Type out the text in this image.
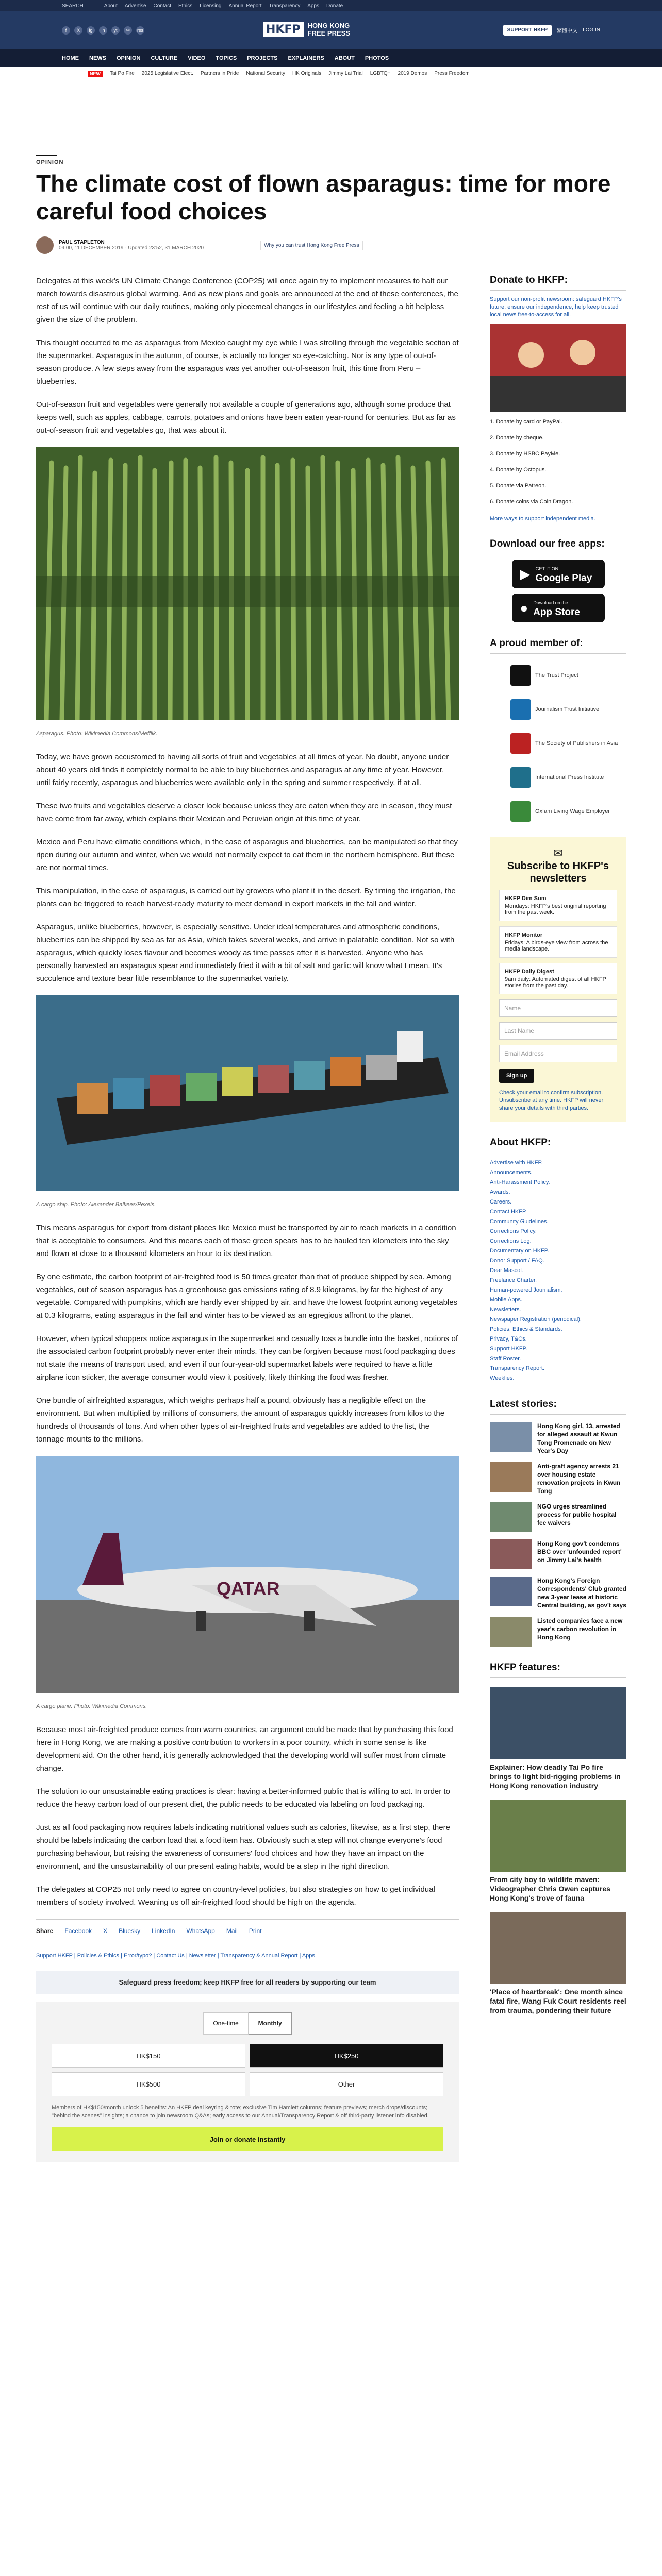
SEARCH	About Advertise Contact Ethics Licensing Annual Report Transparency Apps Donate
f	X	ig	in	yt	✉	rss	HKFP	HONG KONG
FREE PRESS	SUPPORT HKFP	繁體中文 LOG IN
HOME NEWS OPINION CULTURE VIDEO TOPICS PROJECTS EXPLAINERS ABOUT PHOTOS
NEW	Tai Po Fire 2025 Legislative Elect. Partners in Pride National Security HK Originals Jimmy Lai Trial LGBTQ+ 2019 Demos Press Freedom
OPINION
The climate cost of flown asparagus: time for more careful food choices
PAUL STAPLETON
09:00, 11 DECEMBER 2019 · Updated 23:52, 31 MARCH 2020	Why you can trust Hong Kong Free Press

Delegates at this week's UN Climate Change Conference (COP25) will once again try to implement measures to halt our march towards disastrous global warming. And as new plans and goals are announced at the end of these conferences, the rest of us will continue with our daily routines, making only piecemeal changes in our lifestyles and feeling a bit helpless given the size of the problem.

This thought occurred to me as asparagus from Mexico caught my eye while I was strolling through the vegetable section of the supermarket. Asparagus in the autumn, of course, is actually no longer so eye-catching. Nor is any type of out-of-season produce. A few steps away from the asparagus was yet another out-of-season fruit, this time from Peru – blueberries.

Out-of-season fruit and vegetables were generally not available a couple of generations ago, although some produce that keeps well, such as apples, cabbage, carrots, potatoes and onions have been eaten year-round for centuries. But as far as out-of-season fruit and vegetables go, that was about it.

Asparagus. Photo: Wikimedia Commons/Mefflik.

Today, we have grown accustomed to having all sorts of fruit and vegetables at all times of year. No doubt, anyone under about 40 years old finds it completely normal to be able to buy blueberries and asparagus at any time of year. However, until fairly recently, asparagus and blueberries were available only in the spring and summer respectively, if at all.

These two fruits and vegetables deserve a closer look because unless they are eaten when they are in season, they must have come from far away, which explains their Mexican and Peruvian origin at this time of year.

Mexico and Peru have climatic conditions which, in the case of asparagus and blueberries, can be manipulated so that they ripen during our autumn and winter, when we would not normally expect to eat them in the northern hemisphere. But these are not normal times.

This manipulation, in the case of asparagus, is carried out by growers who plant it in the desert. By timing the irrigation, the plants can be triggered to reach harvest-ready maturity to meet demand in export markets in the fall and winter.

Asparagus, unlike blueberries, however, is especially sensitive. Under ideal temperatures and atmospheric conditions, blueberries can be shipped by sea as far as Asia, which takes several weeks, and arrive in palatable condition. Not so with asparagus, which quickly loses flavour and becomes woody as time passes after it is harvested. Anyone who has personally harvested an asparagus spear and immediately fried it with a bit of salt and garlic will know what I mean. It's succulence and texture bear little resemblance to the supermarket variety.

A cargo ship. Photo: Alexander Balkees/Pexels.

This means asparagus for export from distant places like Mexico must be transported by air to reach markets in a condition that is acceptable to consumers. And this means each of those green spears has to be hauled ten kilometers into the sky and flown at close to a thousand kilometers an hour to its destination.

By one estimate, the carbon footprint of air-freighted food is 50 times greater than that of produce shipped by sea. Among vegetables, out of season asparagus has a greenhouse gas emissions rating of 8.9 kilograms, by far the highest of any vegetable. Compared with pumpkins, which are hardly ever shipped by air, and have the lowest footprint among vegetables at 0.3 kilograms, eating asparagus in the fall and winter has to be viewed as an egregious affront to the planet.

However, when typical shoppers notice asparagus in the supermarket and casually toss a bundle into the basket, notions of the associated carbon footprint probably never enter their minds. They can be forgiven because most food packaging does not state the means of transport used, and even if our four-year-old supermarket labels were required to have a little airplane icon sticker, the average consumer would view it positively, likely thinking the food was fresher.

One bundle of airfreighted asparagus, which weighs perhaps half a pound, obviously has a negligible effect on the environment. But when multiplied by millions of consumers, the amount of asparagus quickly increases from kilos to the hundreds of thousands of tons. And when other types of air-freighted fruits and vegetables are added to the list, the tonnage mounts to the millions.

QATAR
A cargo plane. Photo: Wikimedia Commons.

Because most air-freighted produce comes from warm countries, an argument could be made that by purchasing this food here in Hong Kong, we are making a positive contribution to workers in a poor country, which in some sense is like development aid. On the other hand, it is generally acknowledged that the developing world will suffer most from climate change.

The solution to our unsustainable eating practices is clear: having a better-informed public that is willing to act. In order to reduce the heavy carbon load of our present diet, the public needs to be educated via labeling on food packaging.

Just as all food packaging now requires labels indicating nutritional values such as calories, likewise, as a first step, there should be labels indicating the carbon load that a food item has. Obviously such a step will not change everyone's food purchasing behaviour, but raising the awareness of consumers' food choices and how they have an impact on the environment, and the unsustainability of our present eating habits, would be a step in the right direction.

The delegates at COP25 not only need to agree on country-level policies, but also strategies on how to get individual members of society involved. Weaning us off air-freighted food should be high on the agenda.

Share Facebook X Bluesky LinkedIn WhatsApp Mail Print
Support HKFP | Policies & Ethics | Error/typo? | Contact Us | Newsletter | Transparency & Annual Report | Apps
Safeguard press freedom; keep HKFP free for all readers by supporting our team
One-time	Monthly
HK$150	HK$250
HK$500	Other
Members of HK$150/month unlock 5 benefits: An HKFP deal keyring & tote; exclusive Tim Hamlett columns; feature previews; merch drops/discounts; "behind the scenes" insights; a chance to join newsroom Q&As; early access to our Annual/Transparency Report & off third-party listener info disabled.
Join or donate instantly
Donate to HKFP:
Support our non-profit newsroom: safeguard HKFP's future, ensure our independence, help keep trusted local news free-to-access for all.
1. Donate by card or PayPal.
2. Donate by cheque.
3. Donate by HSBC PayMe.
4. Donate by Octopus.
5. Donate via Patreon.
6. Donate coins via Coin Dragon.
More ways to support independent media.
Download our free apps:
▶ GET IT ON
Google Play
● Download on the
App Store
A proud member of:
The Trust Project
Journalism Trust Initiative
The Society of Publishers in Asia
International Press Institute
Oxfam Living Wage Employer
✉
Subscribe to HKFP's newsletters
HKFP Dim Sum
Mondays: HKFP's best original reporting from the past week.
HKFP Monitor
Fridays: A birds-eye view from across the media landscape.
HKFP Daily Digest
9am daily: Automated digest of all HKFP stories from the past day.
Name
Last Name
Email Address
Sign up
Check your email to confirm subscription. Unsubscribe at any time. HKFP will never share your details with third parties.
About HKFP:
Advertise with HKFP.
Announcements.
Anti-Harassment Policy.
Awards.
Careers.
Contact HKFP.
Community Guidelines.
Corrections Policy.
Corrections Log.
Documentary on HKFP.
Donor Support / FAQ.
Dear Mascot.
Freelance Charter.
Human-powered Journalism.
Mobile Apps.
Newsletters.
Newspaper Registration (periodical).
Policies, Ethics & Standards.
Privacy, T&Cs.
Support HKFP.
Staff Roster.
Transparency Report.
Weeklies.
Latest stories:
Hong Kong girl, 13, arrested for alleged assault at Kwun Tong Promenade on New Year's Day
Anti-graft agency arrests 21 over housing estate renovation projects in Kwun Tong
NGO urges streamlined process for public hospital fee waivers
Hong Kong gov't condemns BBC over 'unfounded report' on Jimmy Lai's health
Hong Kong's Foreign Correspondents' Club granted new 3-year lease at historic Central building, as gov't says
Listed companies face a new year's carbon revolution in Hong Kong
HKFP features:
Explainer: How deadly Tai Po fire brings to light bid-rigging problems in Hong Kong renovation industry
From city boy to wildlife maven: Videographer Chris Owen captures Hong Kong's trove of fauna
'Place of heartbreak': One month since fatal fire, Wang Fuk Court residents reel from trauma, pondering their future
